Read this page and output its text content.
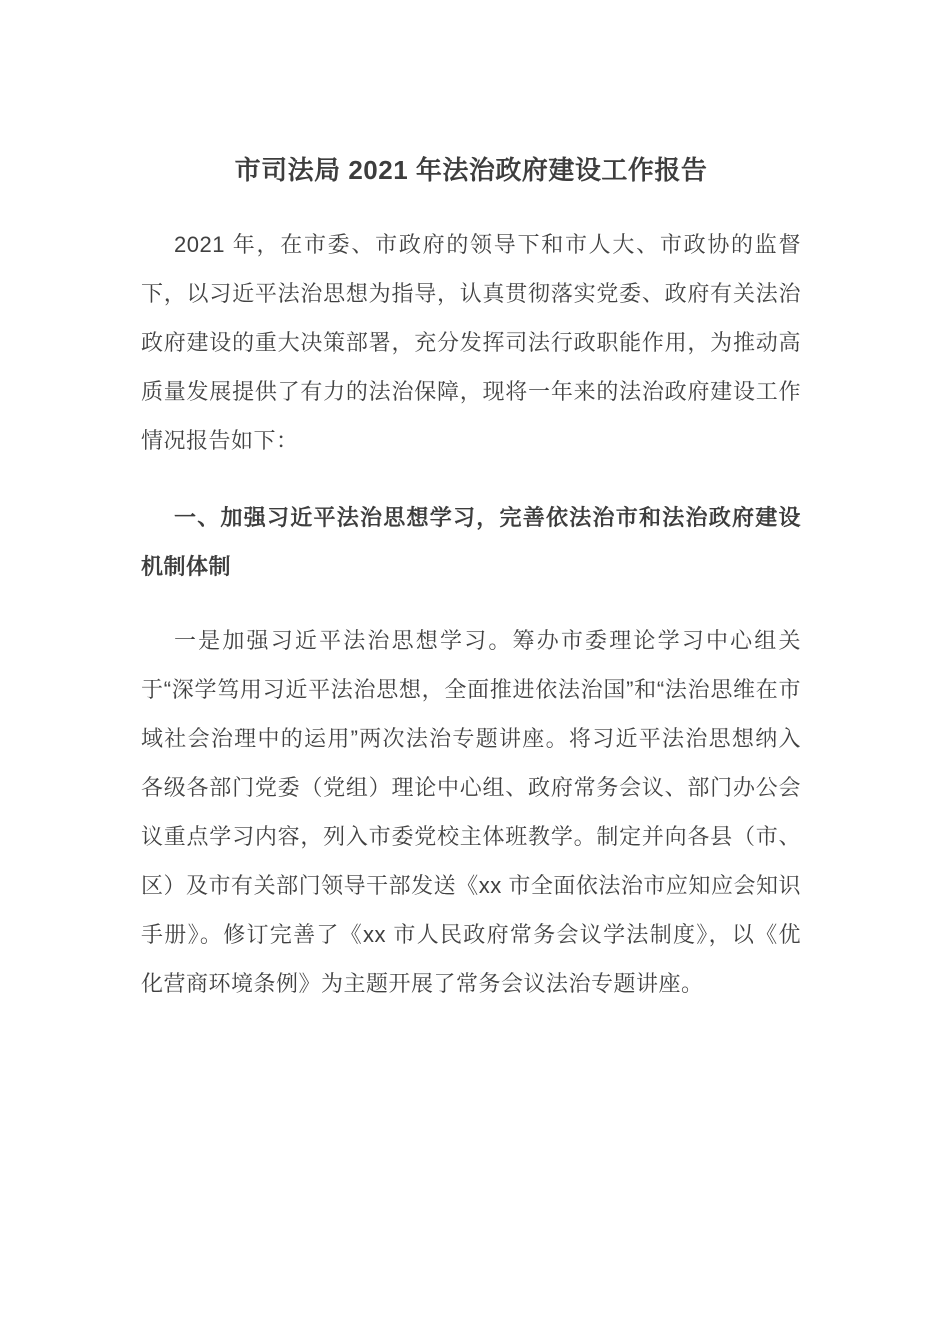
市司法局 2021 年法治政府建设工作报告

2021 年，在市委、市政府的领导下和市人大、市政协的监督下，以习近平法治思想为指导，认真贯彻落实党委、政府有关法治政府建设的重大决策部署，充分发挥司法行政职能作用，为推动高质量发展提供了有力的法治保障，现将一年来的法治政府建设工作情况报告如下：

一、加强习近平法治思想学习，完善依法治市和法治政府建设机制体制

一是加强习近平法治思想学习。筹办市委理论学习中心组关于“深学笃用习近平法治思想，全面推进依法治国”和“法治思维在市域社会治理中的运用”两次法治专题讲座。将习近平法治思想纳入各级各部门党委（党组）理论中心组、政府常务会议、部门办公会议重点学习内容，列入市委党校主体班教学。制定并向各县（市、区）及市有关部门领导干部发送《xx 市全面依法治市应知应会知识手册》。修订完善了《xx 市人民政府常务会议学法制度》，以《优化营商环境条例》为主题开展了常务会议法治专题讲座。
